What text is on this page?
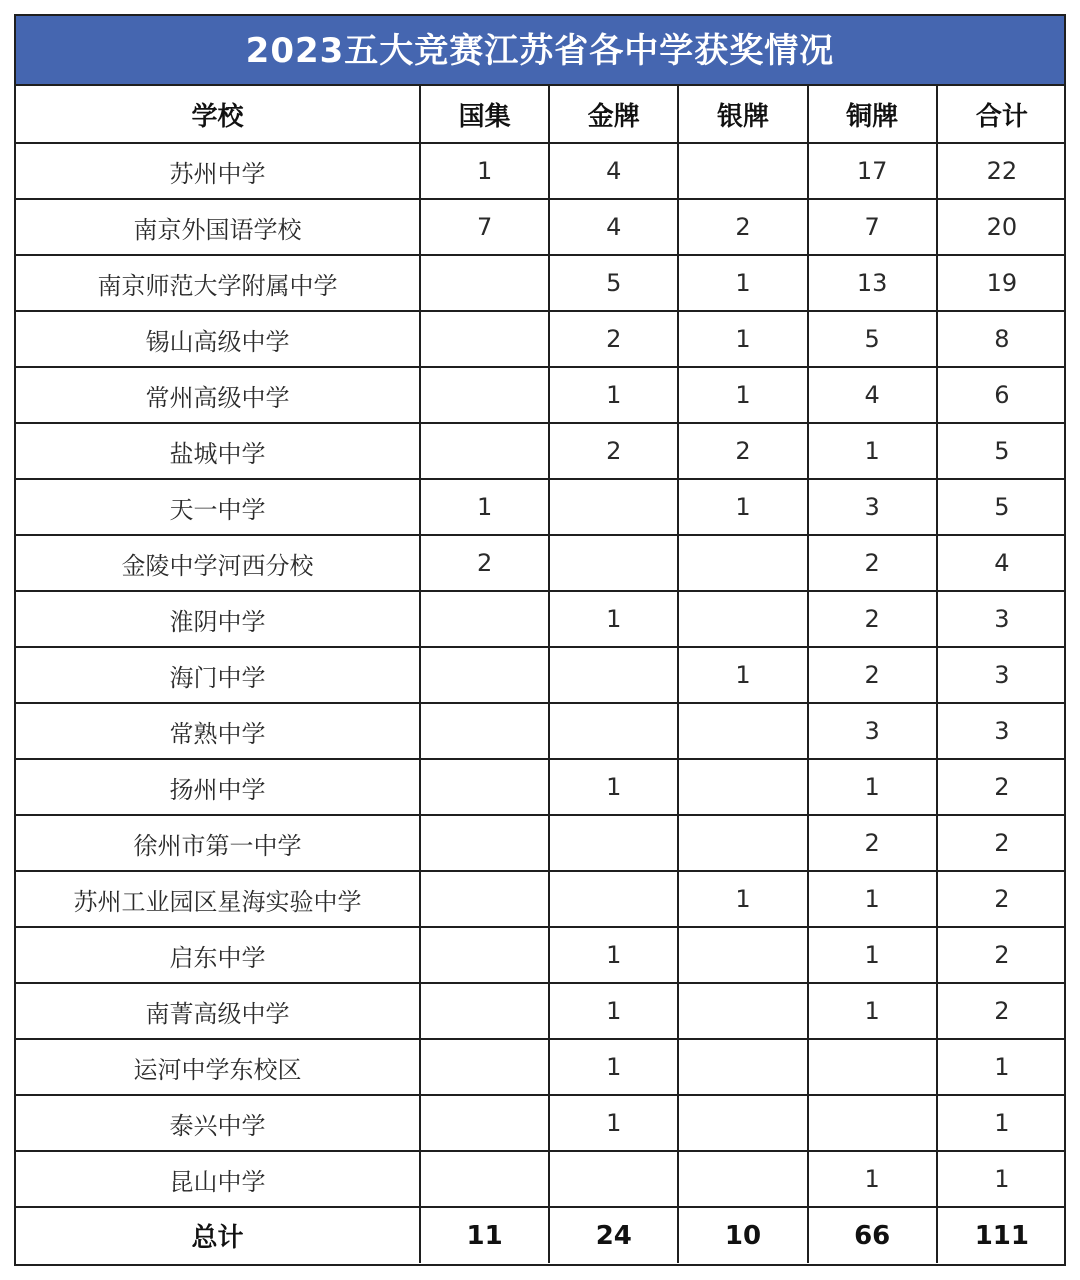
2023五大竞赛江苏省各中学获奖情况
学校	国集	金牌	银牌	铜牌	合计
苏州中学	1	4		17	22
南京外国语学校	7	4	2	7	20
南京师范大学附属中学		5	1	13	19
锡山高级中学		2	1	5	8
常州高级中学		1	1	4	6
盐城中学		2	2	1	5
天一中学	1		1	3	5
金陵中学河西分校	2			2	4
淮阴中学		1		2	3
海门中学			1	2	3
常熟中学				3	3
扬州中学		1		1	2
徐州市第一中学				2	2
苏州工业园区星海实验中学			1	1	2
启东中学		1		1	2
南菁高级中学		1		1	2
运河中学东校区		1			1
泰兴中学		1			1
昆山中学				1	1
总计	11	24	10	66	111
